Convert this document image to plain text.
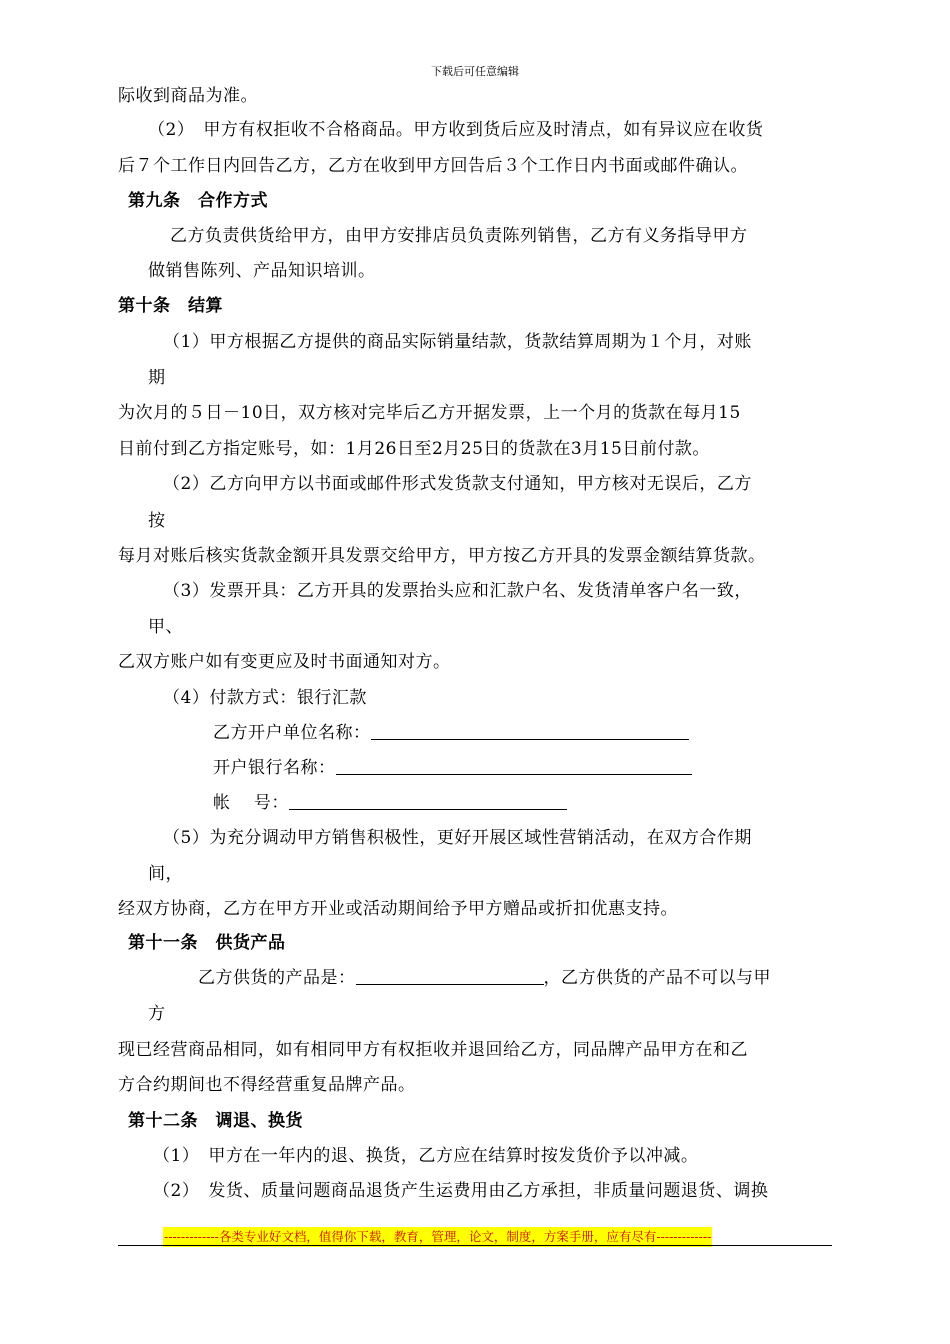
下载后可任意编辑
际收到商品为准。
（2）　甲方有权拒收不合格商品。甲方收到货后应及时清点，如有异议应在收货
后７个工作日内回告乙方，乙方在收到甲方回告后３个工作日内书面或邮件确认。
第九条　合作方式
乙方负责供货给甲方，由甲方安排店员负责陈列销售，乙方有义务指导甲方
做销售陈列、产品知识培训。
第十条　结算
（1）甲方根据乙方提供的商品实际销量结款，货款结算周期为１个月，对账
期
为次月的５日－10日，双方核对完毕后乙方开据发票，上一个月的货款在每月15
日前付到乙方指定账号，如：1月26日至2月25日的货款在3月15日前付款。
（2）乙方向甲方以书面或邮件形式发货款支付通知，甲方核对无误后，乙方
按
每月对账后核实货款金额开具发票交给甲方，甲方按乙方开具的发票金额结算货款。
（3）发票开具：乙方开具的发票抬头应和汇款户名、发货清单客户名一致，
甲、
乙双方账户如有变更应及时书面通知对方。
（4）付款方式：银行汇款
乙方开户单位名称：
开户银行名称：
帐　 号：
（5）为充分调动甲方销售积极性，更好开展区域性营销活动，在双方合作期
间，
经双方协商，乙方在甲方开业或活动期间给予甲方赠品或折扣优惠支持。
第十一条　供货产品
乙方供货的产品是：	，乙方供货的产品不可以与甲
方
现已经营商品相同，如有相同甲方有权拒收并退回给乙方，同品牌产品甲方在和乙
方合约期间也不得经营重复品牌产品。
第十二条　调退、换货
（1）　甲方在一年内的退、换货，乙方应在结算时按发货价予以冲减。
（2）　发货、质量问题商品退货产生运费用由乙方承担，非质量问题退货、调换
-------------各类专业好文档，值得你下载，教育，管理，论文，制度，方案手册，应有尽有-------------
